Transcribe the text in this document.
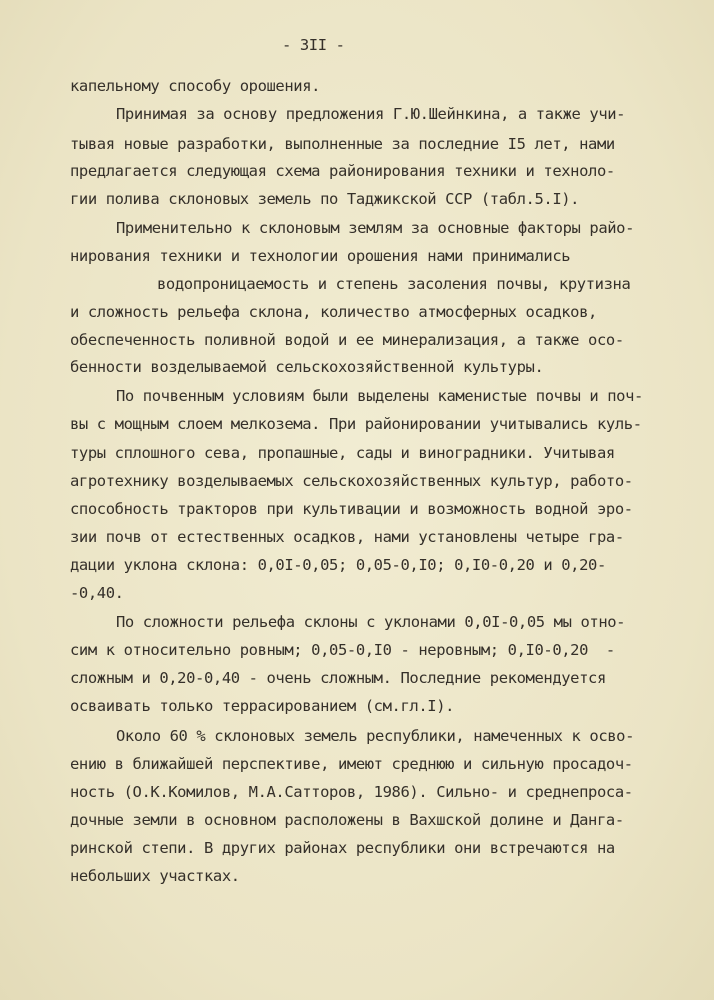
- 3II -
капельному способу орошения.
Принимая за основу предложения Г.Ю.Шейнкина, а также учи-
тывая новые разработки, выполненные за последние I5 лет, нами
предлагается следующая схема районирования техники и техноло-
гии полива склоновых земель по Таджикской ССР (табл.5.I).
Применительно к склоновым землям за основные факторы райо-
нирования техники и технологии орошения нами принимались
водопроницаемость и степень засоления почвы, крутизна
и сложность рельефа склона, количество атмосферных осадков,
обеспеченность поливной водой и ее минерализация, а также осо-
бенности возделываемой сельскохозяйственной культуры.
По почвенным условиям были выделены каменистые почвы и поч-
вы с мощным слоем мелкозема. При районировании учитывались куль-
туры сплошного сева, пропашные, сады и виноградники. Учитывая
агротехнику возделываемых сельскохозяйственных культур, работо-
способность тракторов при культивации и возможность водной эро-
зии почв от естественных осадков, нами установлены четыре гра-
дации уклона склона: 0,0I-0,05; 0,05-0,I0; 0,I0-0,20 и 0,20-
-0,40.
По сложности рельефа склоны с уклонами 0,0I-0,05 мы отно-
сим к относительно ровным; 0,05-0,I0 - неровным; 0,I0-0,20  -
сложным и 0,20-0,40 - очень сложным. Последние рекомендуется
осваивать только террасированием (см.гл.I).
Около 60 % склоновых земель республики, намеченных к осво-
ению в ближайшей перспективе, имеют среднюю и сильную просадоч-
ность (О.К.Комилов, М.А.Сатторов, 1986). Сильно- и среднепроса-
дочные земли в основном расположены в Вахшской долине и Данга-
ринской степи. В других районах республики они встречаются на
небольших участках.
